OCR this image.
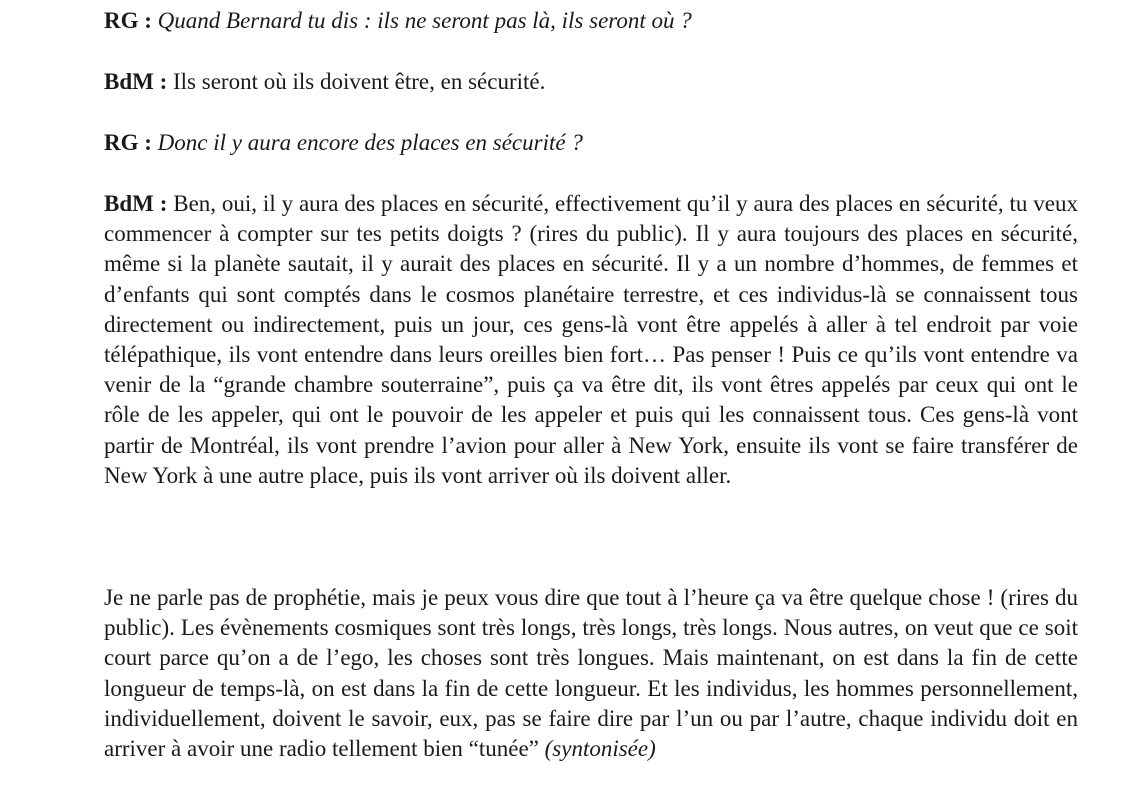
RG : Quand Bernard tu dis : ils ne seront pas là, ils seront où ?

BdM : Ils seront où ils doivent être, en sécurité.

RG : Donc il y aura encore des places en sécurité ?

BdM : Ben, oui, il y aura des places en sécurité, effectivement qu’il y aura des places en sécurité, tu veux commencer à compter sur tes petits doigts ? (rires du public). Il y aura toujours des places en sécurité, même si la planète sautait, il y aurait des places en sécurité. Il y a un nombre d’hommes, de femmes et d’enfants qui sont comptés dans le cosmos planétaire terrestre, et ces individus-là se connaissent tous directement ou indirectement, puis un jour, ces gens-là vont être appelés à aller à tel endroit par voie télépathique, ils vont entendre dans leurs oreilles bien fort… Pas penser ! Puis ce qu’ils vont entendre va venir de la “grande chambre souterraine”, puis ça va être dit, ils vont êtres appelés par ceux qui ont le rôle de les appeler, qui ont le pouvoir de les appeler et puis qui les connaissent tous. Ces gens-là vont partir de Montréal, ils vont prendre l’avion pour aller à New York, ensuite ils vont se faire transférer de New York à une autre place, puis ils vont arriver où ils doivent aller.

Je ne parle pas de prophétie, mais je peux vous dire que tout à l’heure ça va être quelque chose ! (rires du public). Les évènements cosmiques sont très longs, très longs, très longs. Nous autres, on veut que ce soit court parce qu’on a de l’ego, les choses sont très longues. Mais maintenant, on est dans la fin de cette longueur de temps-là, on est dans la fin de cette longueur. Et les individus, les hommes personnellement, individuellement, doivent le savoir, eux, pas se faire dire par l’un ou par l’autre, chaque individu doit en arriver à avoir une radio tellement bien “tunée” (syntonisée)
